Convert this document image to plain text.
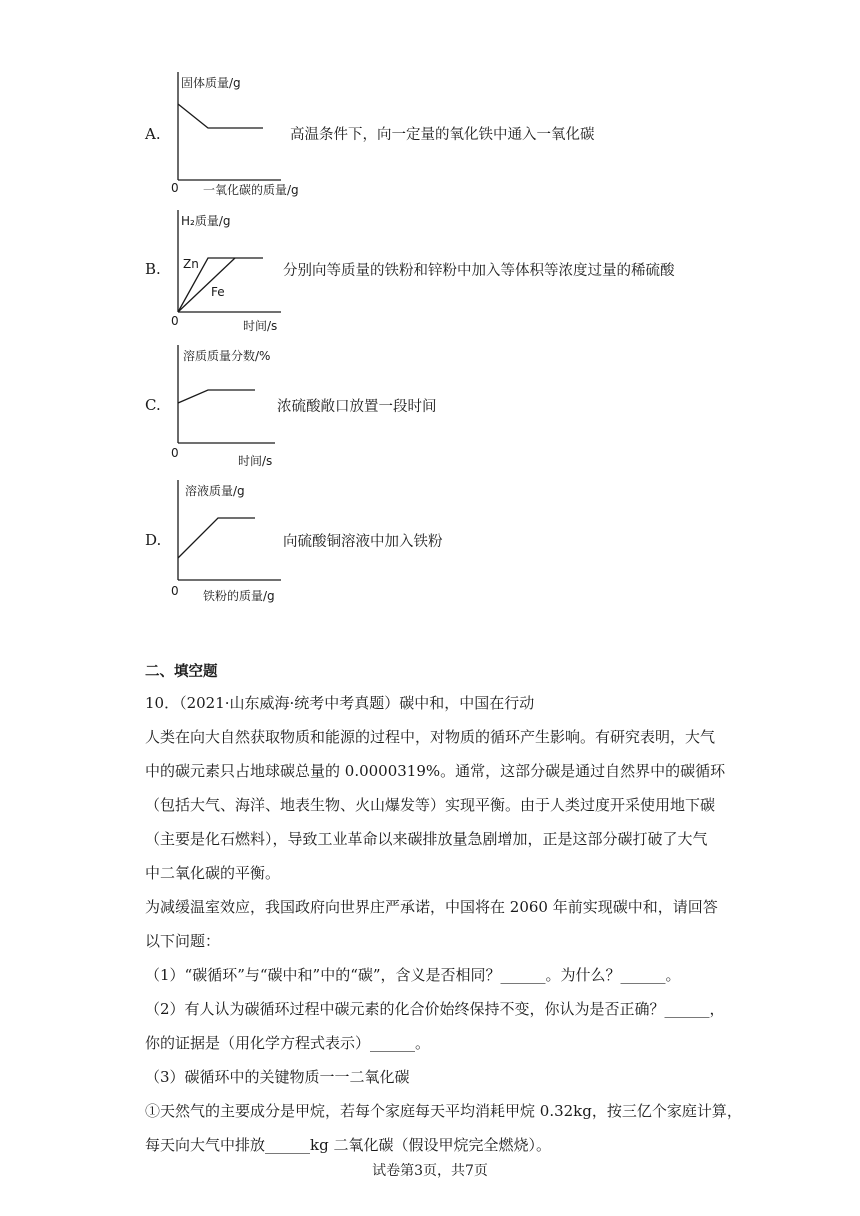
A.
固体质量/g
0 一氧化碳的质量/g
高温条件下，向一定量的氧化铁中通入一氧化碳
B.
H₂质量/g
Zn
Fe
0	时间/s
分别向等质量的铁粉和锌粉中加入等体积等浓度过量的稀硫酸
C.
溶质质量分数/%
0
时间/s
浓硫酸敞口放置一段时间
D.
溶液质量/g
0 铁粉的质量/g
向硫酸铜溶液中加入铁粉
二、填空题
10．（2021·山东威海·统考中考真题）碳中和，中国在行动
人类在向大自然获取物质和能源的过程中，对物质的循环产生影响。有研究表明，大气
中的碳元素只占地球碳总量的 0.0000319%。通常，这部分碳是通过自然界中的碳循环
（包括大气、海洋、地表生物、火山爆发等）实现平衡。由于人类过度开采使用地下碳
（主要是化石燃料），导致工业革命以来碳排放量急剧增加，正是这部分碳打破了大气
中二氧化碳的平衡。
为减缓温室效应，我国政府向世界庄严承诺，中国将在 2060 年前实现碳中和，请回答
以下问题：
（1）“碳循环”与“碳中和”中的“碳”，含义是否相同？______。为什么？______。
（2）有人认为碳循环过程中碳元素的化合价始终保持不变，你认为是否正确？______，
你的证据是（用化学方程式表示）______。
（3）碳循环中的关键物质一一二氧化碳
①天然气的主要成分是甲烷，若每个家庭每天平均消耗甲烷 0.32kg，按三亿个家庭计算，
每天向大气中排放______kg 二氧化碳（假设甲烷完全燃烧）。
试卷第3页，共7页
